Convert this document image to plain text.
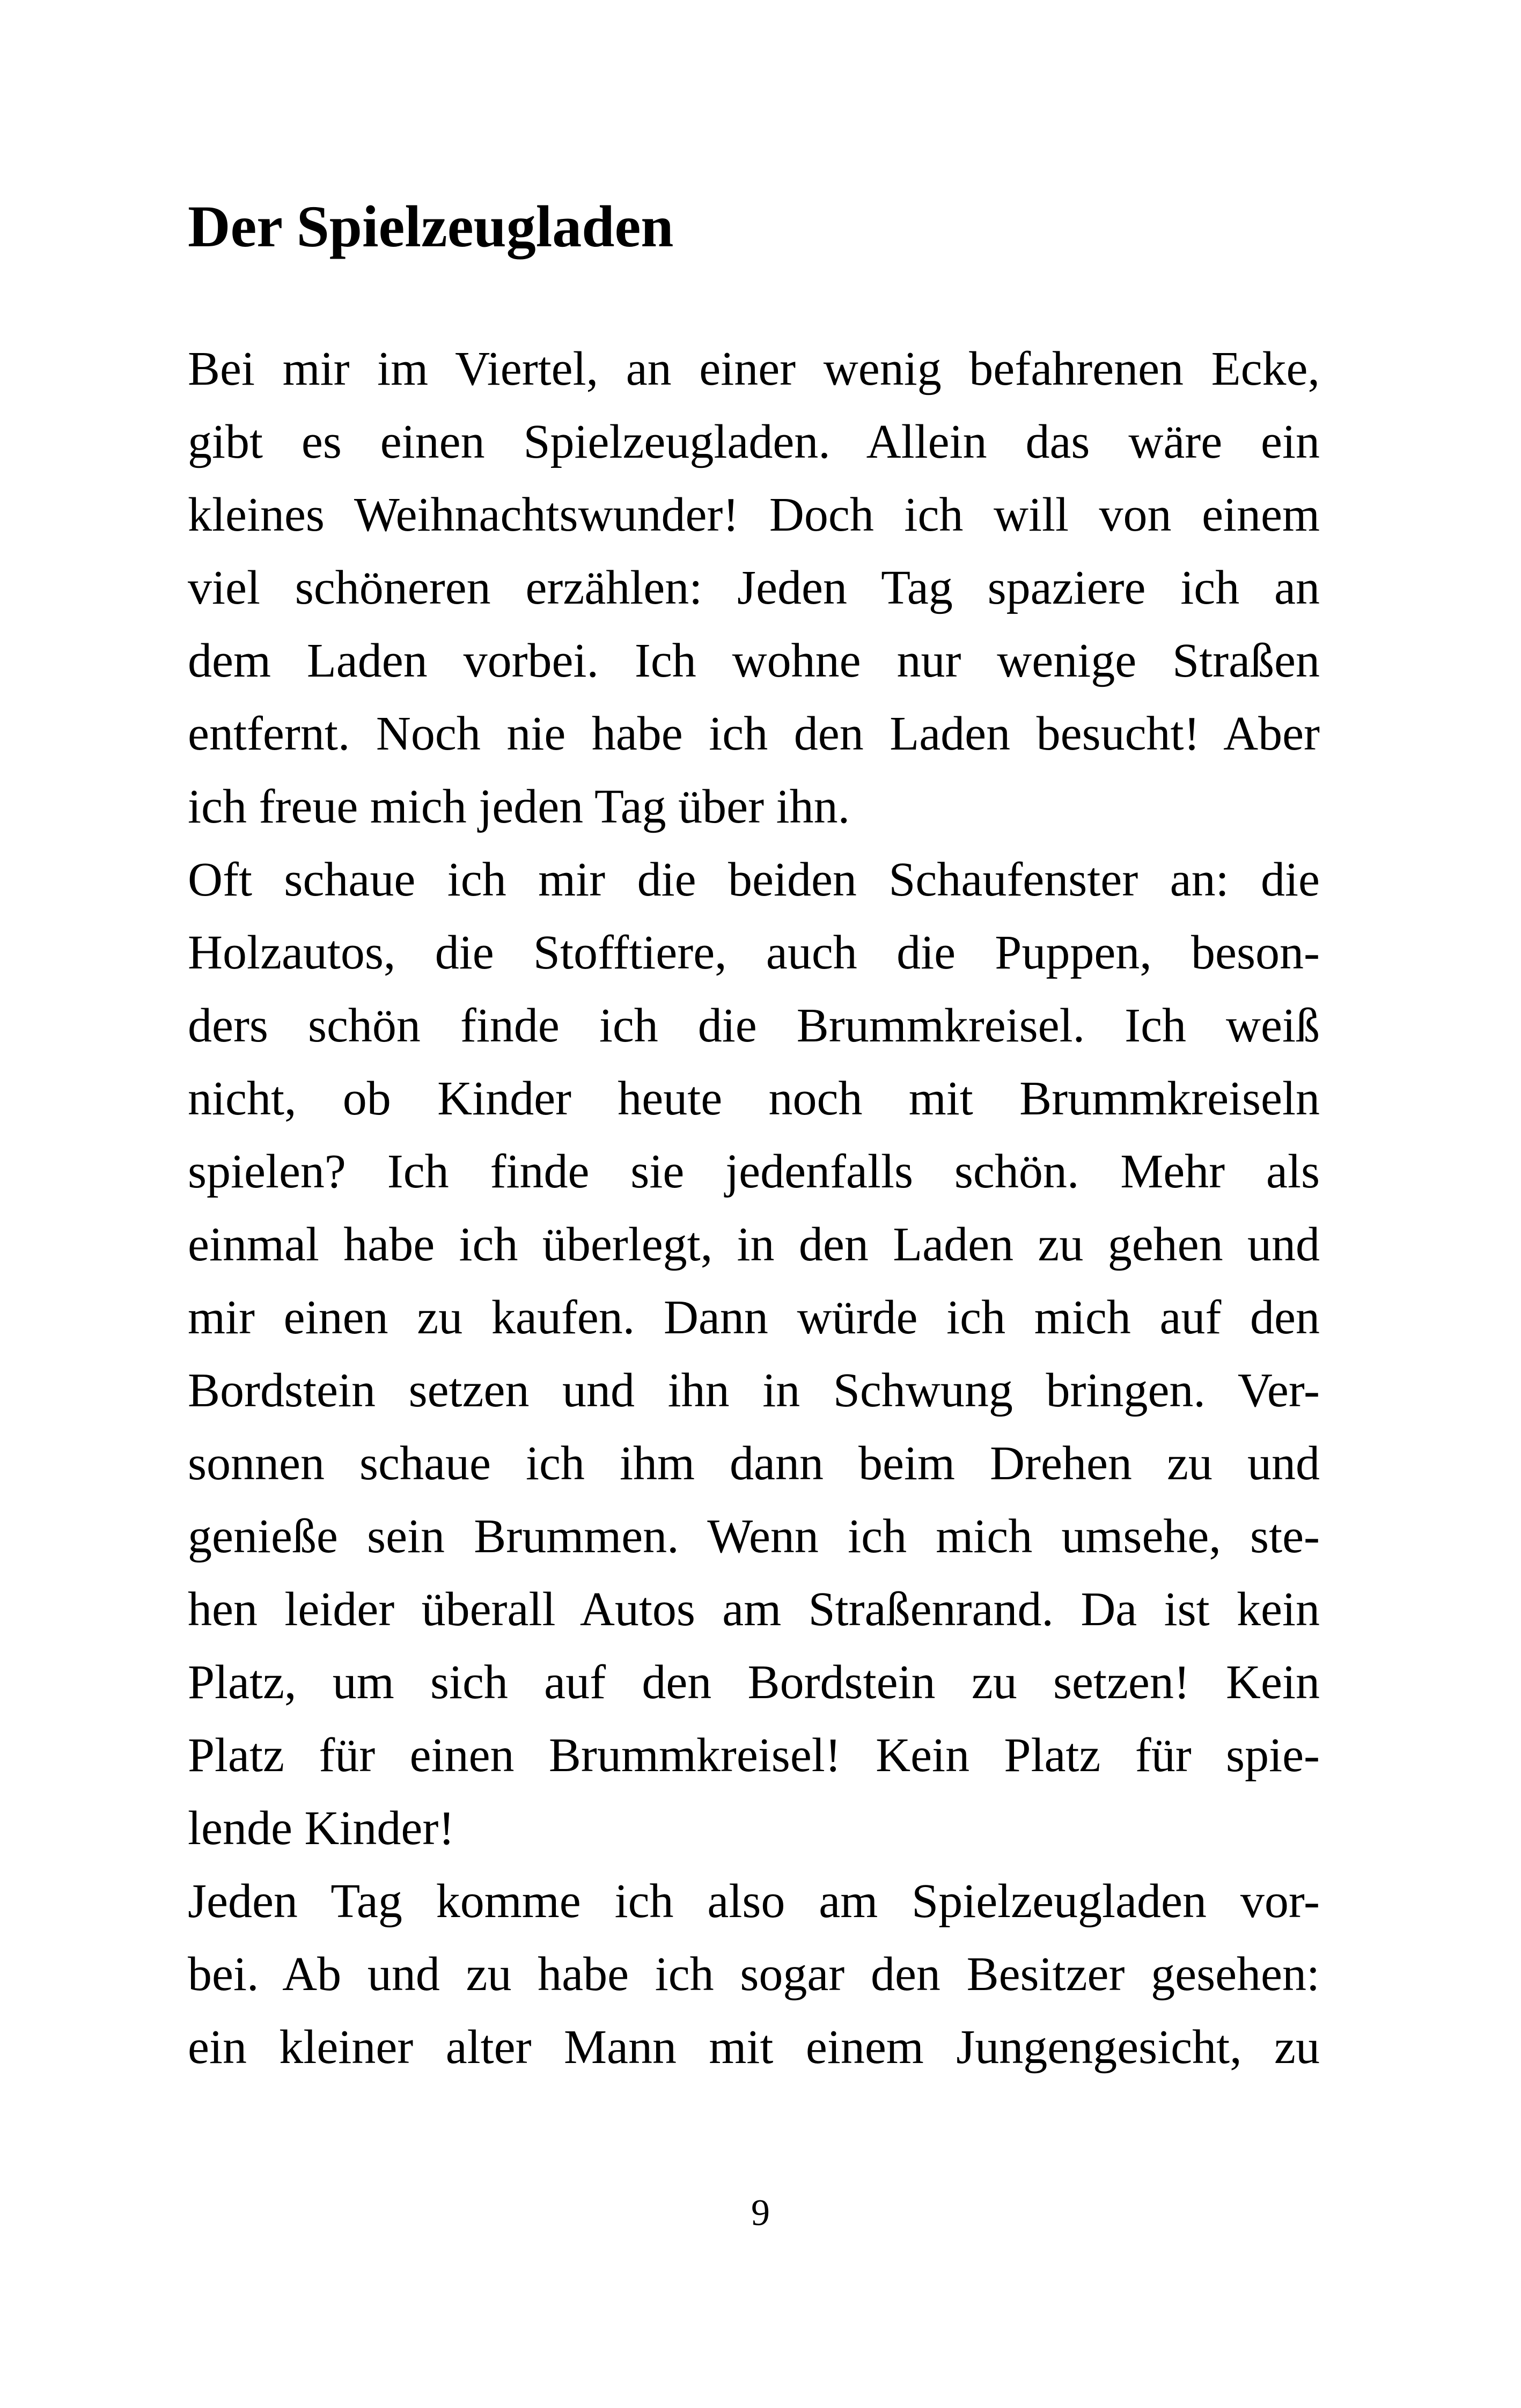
Der Spielzeugladen
Bei mir im Viertel, an einer wenig befahrenen Ecke,
gibt es einen Spielzeugladen. Allein das wäre ein
kleines Weihnachtswunder! Doch ich will von einem
viel schöneren erzählen: Jeden Tag spaziere ich an
dem Laden vorbei. Ich wohne nur wenige Straßen
entfernt. Noch nie habe ich den Laden besucht! Aber
ich freue mich jeden Tag über ihn.
Oft schaue ich mir die beiden Schaufenster an: die
Holzautos, die Stofftiere, auch die Puppen, beson-
ders schön finde ich die Brummkreisel. Ich weiß
nicht, ob Kinder heute noch mit Brummkreiseln
spielen? Ich finde sie jedenfalls schön. Mehr als
einmal habe ich überlegt, in den Laden zu gehen und
mir einen zu kaufen. Dann würde ich mich auf den
Bordstein setzen und ihn in Schwung bringen. Ver-
sonnen schaue ich ihm dann beim Drehen zu und
genieße sein Brummen. Wenn ich mich umsehe, ste-
hen leider überall Autos am Straßenrand. Da ist kein
Platz, um sich auf den Bordstein zu setzen! Kein
Platz für einen Brummkreisel! Kein Platz für spie-
lende Kinder!
Jeden Tag komme ich also am Spielzeugladen vor-
bei. Ab und zu habe ich sogar den Besitzer gesehen:
ein kleiner alter Mann mit einem Jungengesicht, zu
9
